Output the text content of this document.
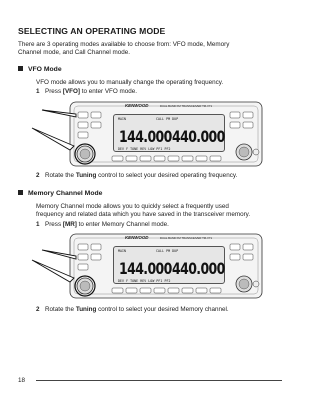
SELECTING AN OPERATING MODE
There are 3 operating modes available to choose from: VFO mode, Memory
Channel mode, and Call Channel mode.
VFO Mode
VFO mode allows you to manually change the operating frequency.
1 Press [VFO] to enter VFO mode.
KENWOOD	DUAL BAND FM TRANSCEIVER TM-V71
MAIN	CALL PM DUP
144.000 440.000
DEV F TONE REV LOW PF1 PF2
2 Rotate the Tuning control to select your desired operating frequency.
Memory Channel Mode
Memory Channel mode allows you to quickly select a frequently used
frequency and related data which you have saved in the transceiver memory.
1 Press [MR] to enter Memory Channel mode.
KENWOOD	DUAL BAND FM TRANSCEIVER TM-V71
MAIN	CALL PM DUP
144.000 440.000
DEV F TONE REV LOW PF1 PF2
2 Rotate the Tuning control to select your desired Memory channel.
18
